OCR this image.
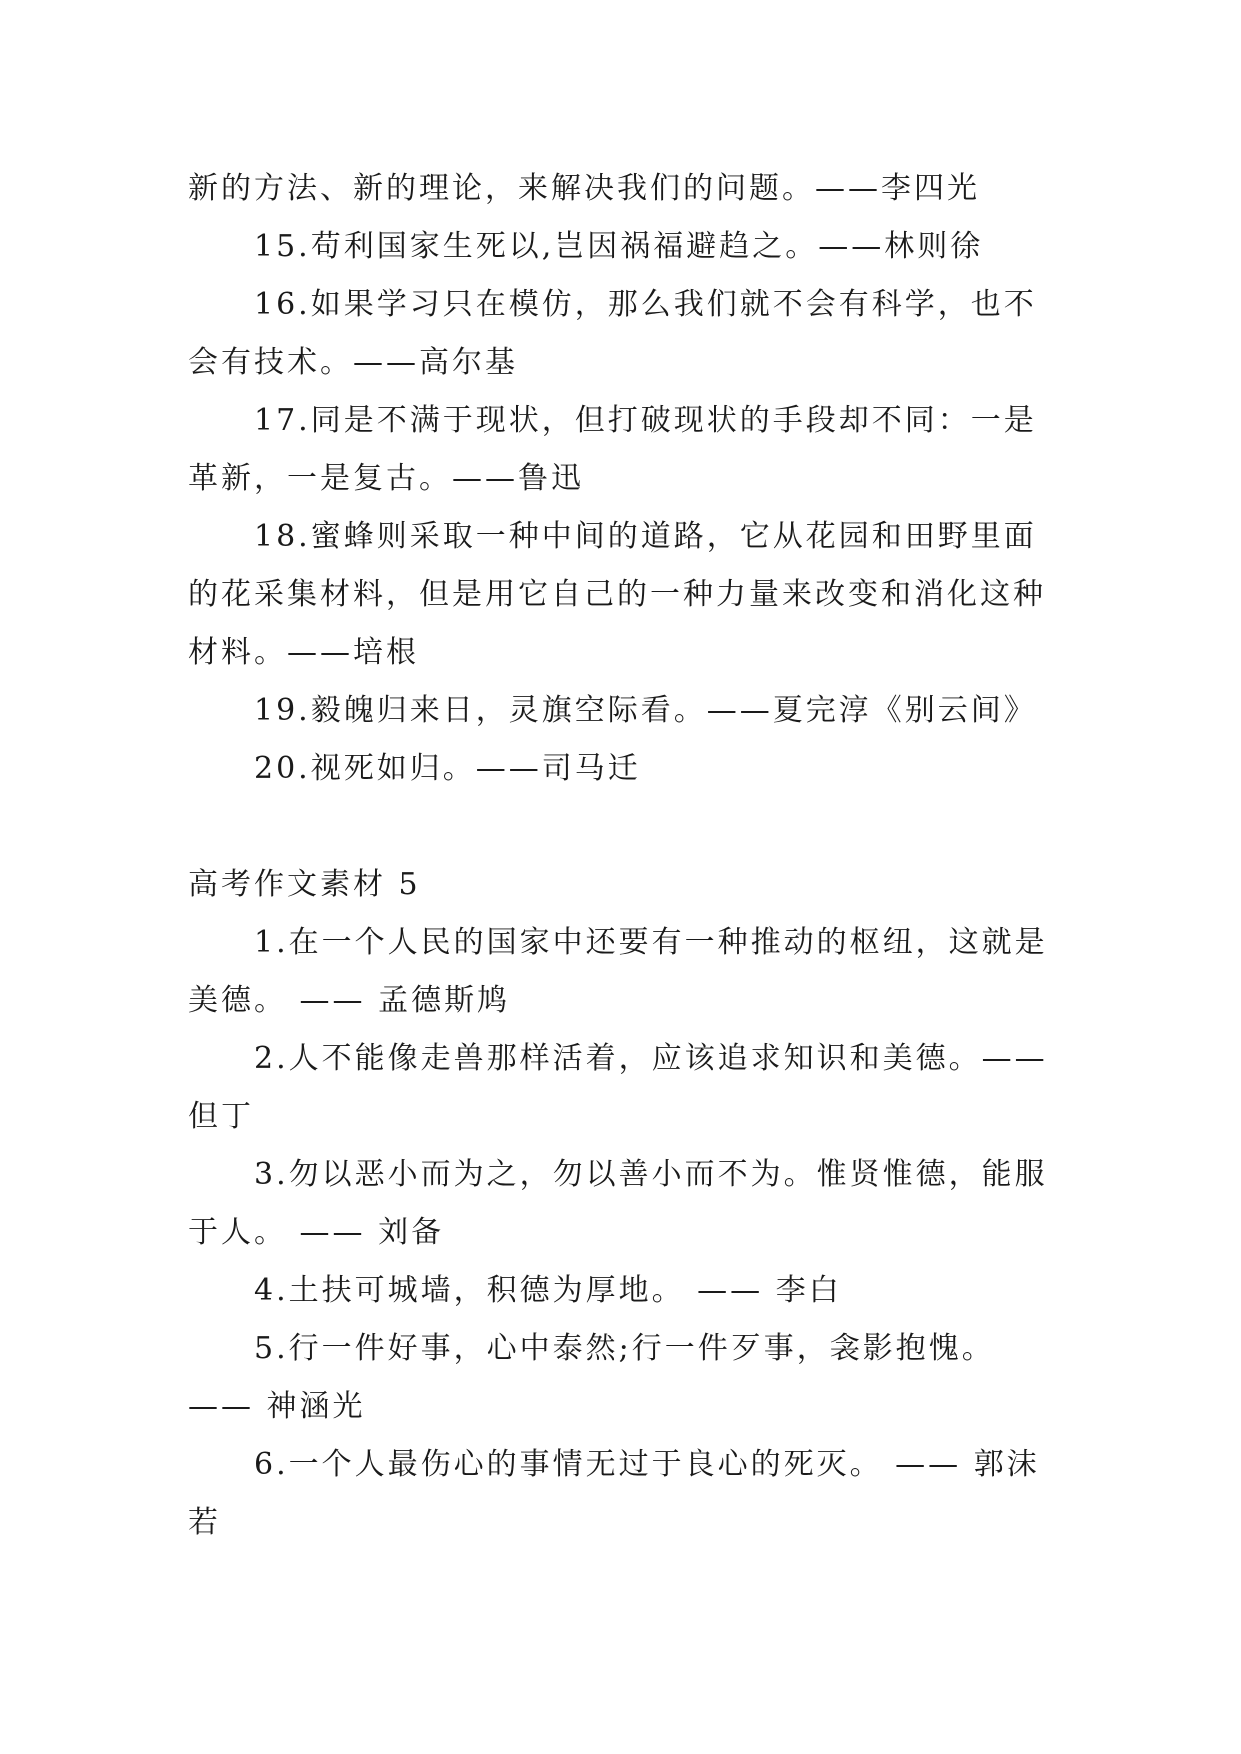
新的方法、新的理论，来解决我们的问题。——李四光
15.苟利国家生死以,岂因祸福避趋之。——林则徐
16.如果学习只在模仿，那么我们就不会有科学，也不
会有技术。——高尔基
17.同是不满于现状，但打破现状的手段却不同：一是
革新，一是复古。——鲁迅
18.蜜蜂则采取一种中间的道路，它从花园和田野里面
的花采集材料，但是用它自己的一种力量来改变和消化这种
材料。——培根
19.毅魄归来日，灵旗空际看。——夏完淳《别云间》
20.视死如归。——司马迁
高考作文素材 5
1.在一个人民的国家中还要有一种推动的枢纽，这就是
美德。 —— 孟德斯鸠
2.人不能像走兽那样活着，应该追求知识和美德。——
但丁
3.勿以恶小而为之，勿以善小而不为。惟贤惟德，能服
于人。 —— 刘备
4.土扶可城墙，积德为厚地。 —— 李白
5.行一件好事，心中泰然;行一件歹事，衾影抱愧。
—— 神涵光
6.一个人最伤心的事情无过于良心的死灭。 —— 郭沫
若
